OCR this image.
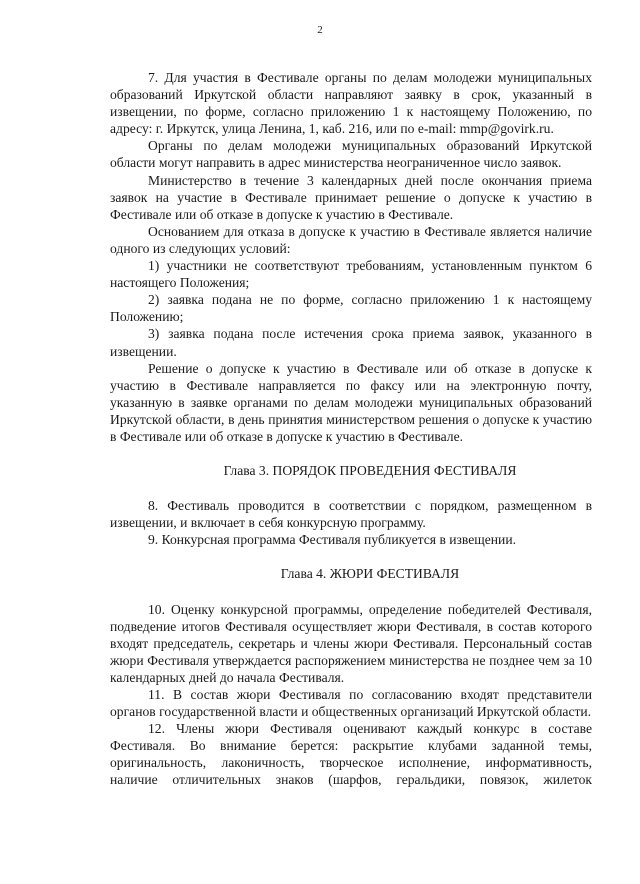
2

7. Для участия в Фестивале органы по делам молодежи муниципальных образований Иркутской области направляют заявку в срок, указанный в извещении, по форме, согласно приложению 1 к настоящему Положению, по адресу: г. Иркутск, улица Ленина, 1, каб. 216, или по e-mail: mmp@govirk.ru.

Органы по делам молодежи муниципальных образований Иркутской области могут направить в адрес министерства неограниченное число заявок.

Министерство в течение 3 календарных дней после окончания приема заявок на участие в Фестивале принимает решение о допуске к участию в Фестивале или об отказе в допуске к участию в Фестивале.

Основанием для отказа в допуске к участию в Фестивале является наличие одного из следующих условий:

1) участники не соответствуют требованиям, установленным пунктом 6 настоящего Положения;

2) заявка подана не по форме, согласно приложению 1 к настоящему Положению;

3) заявка подана после истечения срока приема заявок, указанного в извещении.

Решение о допуске к участию в Фестивале или об отказе в допуске к участию в Фестивале направляется по факсу или на электронную почту, указанную в заявке органами по делам молодежи муниципальных образований Иркутской области, в день принятия министерством решения о допуске к участию в Фестивале или об отказе в допуске к участию в Фестивале.

Глава 3. ПОРЯДОК ПРОВЕДЕНИЯ ФЕСТИВАЛЯ

8. Фестиваль проводится в соответствии с порядком, размещенном в извещении, и включает в себя конкурсную программу.

9. Конкурсная программа Фестиваля публикуется в извещении.

Глава 4. ЖЮРИ ФЕСТИВАЛЯ

10. Оценку конкурсной программы, определение победителей Фестиваля, подведение итогов Фестиваля осуществляет жюри Фестиваля, в состав которого входят председатель, секретарь и члены жюри Фестиваля. Персональный состав жюри Фестиваля утверждается распоряжением министерства не позднее чем за 10 календарных дней до начала Фестиваля.

11. В состав жюри Фестиваля по согласованию входят представители органов государственной власти и общественных организаций Иркутской области.

12. Члены жюри Фестиваля оценивают каждый конкурс в составе Фестиваля. Во внимание берется: раскрытие клубами заданной темы, оригинальность, лаконичность, творческое исполнение, информативность, наличие отличительных знаков (шарфов, геральдики, повязок, жилеток
